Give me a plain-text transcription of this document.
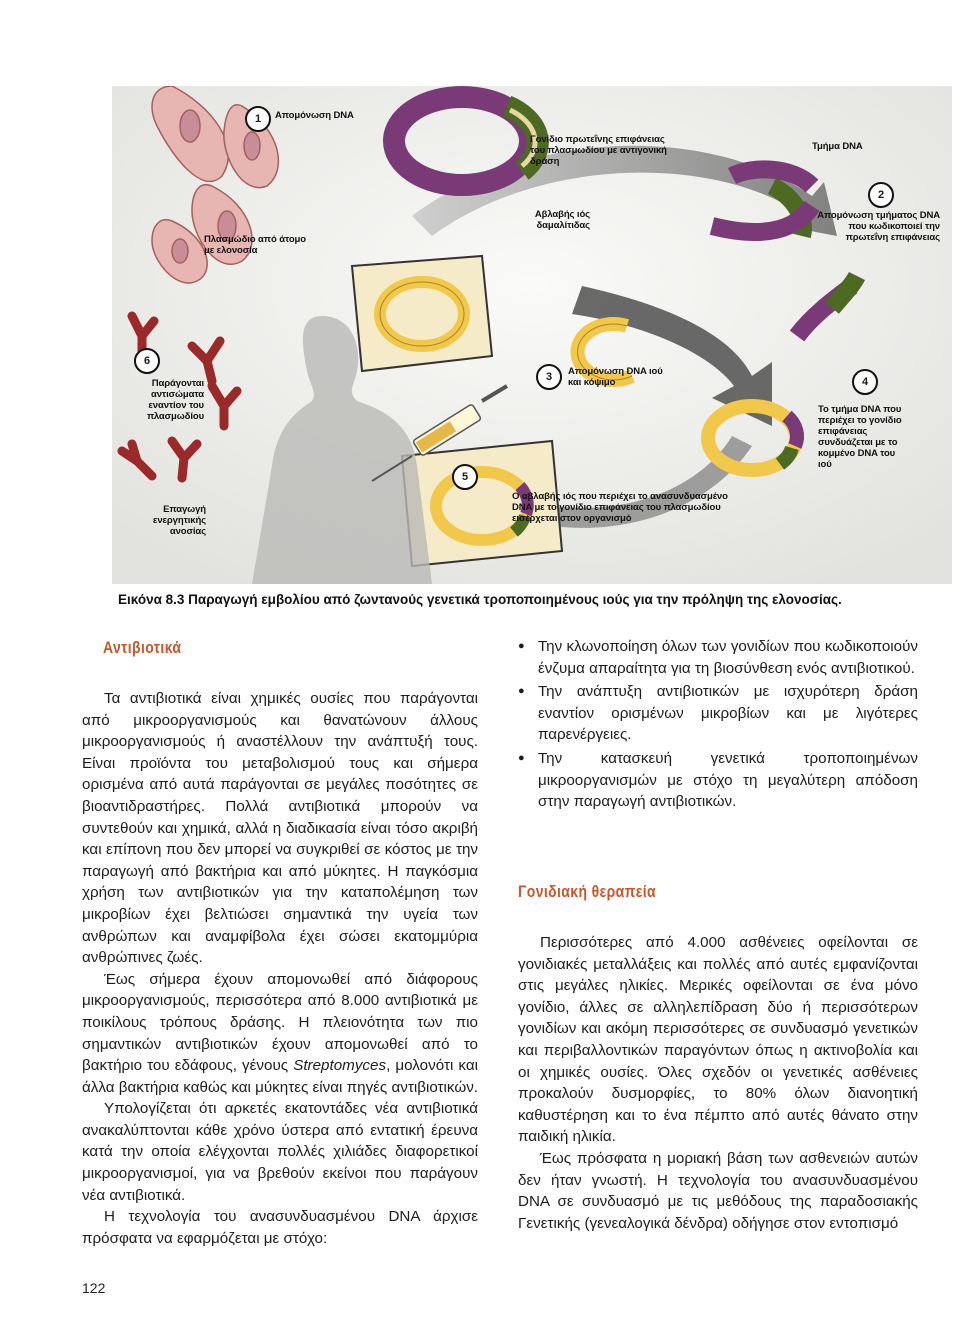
1	Απομόνωση DNA
Γονίδιο πρωτεΐνης επιφάνειας του πλασμωδίου με αντιγονική δράση
Τμήμα DNA
2
Απομόνωση τμήματος DNA που κωδικοποιεί την πρωτεΐνη επιφάνειας
Πλασμώδιο από άτομο με ελονοσία
Αβλαβής ιός δαμαλίτιδας
6
Παράγονται αντισώματα εναντίον του πλασμωδίου
3	Απομόνωση DNA ιού και κόψιμο	4
Το τμήμα DNA που περιέχει το γονίδιο επιφάνειας συνδυάζεται με το κομμένο DNA του ιού
5
Ο αβλαβής ιός που περιέχει το ανασυνδυασμένο DNA με το γονίδιο επιφάνειας του πλασμωδίου εισέρχεται στον οργανισμό
Επαγωγή ενεργητικής ανοσίας
Εικόνα 8.3 Παραγωγή εμβολίου από ζωντανούς γενετικά τροποποιημένους ιούς για την πρόληψη της ελονοσίας.
Αντιβιοτικά

Τα αντιβιοτικά είναι χημικές ουσίες που παράγονται από μικροοργανισμούς και θανατώνουν άλλους μικροοργανισμούς ή αναστέλλουν την ανάπτυξή τους. Είναι προϊόντα του μεταβολισμού τους και σήμερα ορισμένα από αυτά παράγονται σε μεγάλες ποσότητες σε βιοαντιδραστήρες. Πολλά αντιβιοτικά μπορούν να συντεθούν και χημικά, αλλά η διαδικασία είναι τόσο ακριβή και επίπονη που δεν μπορεί να συγκριθεί σε κόστος με την παραγωγή από βακτήρια και από μύκητες. Η παγκόσμια χρήση των αντιβιοτικών για την καταπολέμηση των μικροβίων έχει βελτιώσει σημαντικά την υγεία των ανθρώπων και αναμφίβολα έχει σώσει εκατομμύρια ανθρώπινες ζωές.

Έως σήμερα έχουν απομονωθεί από διάφορους μικροοργανισμούς, περισσότερα από 8.000 αντιβιοτικά με ποικίλους τρόπους δράσης. Η πλειονότητα των πιο σημαντικών αντιβιοτικών έχουν απομονωθεί από το βακτήριο του εδάφους, γένους Streptomyces, μολονότι και άλλα βακτήρια καθώς και μύκητες είναι πηγές αντιβιοτικών.

Υπολογίζεται ότι αρκετές εκατοντάδες νέα αντιβιοτικά ανακαλύπτονται κάθε χρόνο ύστερα από εντατική έρευνα κατά την οποία ελέγχονται πολλές χιλιάδες διαφορετικοί μικροοργανισμοί, για να βρεθούν εκείνοι που παράγουν νέα αντιβιοτικά.

Η τεχνολογία του ανασυνδυασμένου DNA άρχισε πρόσφατα να εφαρμόζεται με στόχο:

● Την κλωνοποίηση όλων των γονιδίων που κωδικοποιούν ένζυμα απαραίτητα για τη βιοσύνθεση ενός αντιβιοτικού.
● Την ανάπτυξη αντιβιοτικών με ισχυρότερη δράση εναντίον ορισμένων μικροβίων και με λιγότερες παρενέργειες.
● Την κατασκευή γενετικά τροποποιημένων μικροοργανισμών με στόχο τη μεγαλύτερη απόδοση στην παραγωγή αντιβιοτικών.
Γονιδιακή θεραπεία

Περισσότερες από 4.000 ασθένειες οφείλονται σε γονιδιακές μεταλλάξεις και πολλές από αυτές εμφανίζονται στις μεγάλες ηλικίες. Μερικές οφείλονται σε ένα μόνο γονίδιο, άλλες σε αλληλεπίδραση δύο ή περισσότερων γονιδίων και ακόμη περισσότερες σε συνδυασμό γενετικών και περιβαλλοντικών παραγόντων όπως η ακτινοβολία και οι χημικές ουσίες. Όλες σχεδόν οι γενετικές ασθένειες προκαλούν δυσμορφίες, το 80% όλων διανοητική καθυστέρηση και το ένα πέμπτο από αυτές θάνατο στην παιδική ηλικία.

Έως πρόσφατα η μοριακή βάση των ασθενειών αυτών δεν ήταν γνωστή. Η τεχνολογία του ανασυνδυασμένου DNA σε συνδυασμό με τις μεθόδους της παραδοσιακής Γενετικής (γενεαλογικά δένδρα) οδήγησε στον εντοπισμό

122
